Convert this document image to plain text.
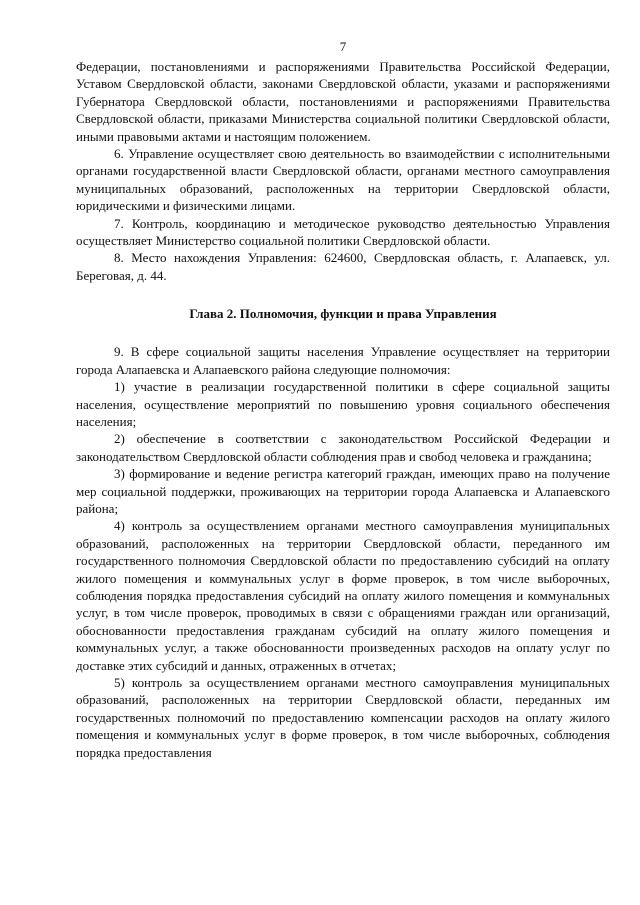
7

Федерации, постановлениями и распоряжениями Правительства Российской Федерации, Уставом Свердловской области, законами Свердловской области, указами и распоряжениями Губернатора Свердловской области, постановлениями и распоряжениями Правительства Свердловской области, приказами Министерства социальной политики Свердловской области, иными правовыми актами и настоящим положением.

6. Управление осуществляет свою деятельность во взаимодействии с исполнительными органами государственной власти Свердловской области, органами местного самоуправления муниципальных образований, расположенных на территории Свердловской области, юридическими и физическими лицами.

7. Контроль, координацию и методическое руководство деятельностью Управления осуществляет Министерство социальной политики Свердловской области.

8. Место нахождения Управления: 624600, Свердловская область, г. Алапаевск, ул. Береговая, д. 44.

Глава 2. Полномочия, функции и права Управления

9. В сфере социальной защиты населения Управление осуществляет на территории города Алапаевска и Алапаевского района следующие полномочия:

1) участие в реализации государственной политики в сфере социальной защиты населения, осуществление мероприятий по повышению уровня социального обеспечения населения;

2) обеспечение в соответствии с законодательством Российской Федерации и законодательством Свердловской области соблюдения прав и свобод человека и гражданина;

3) формирование и ведение регистра категорий граждан, имеющих право на получение мер социальной поддержки, проживающих на территории города Алапаевска и Алапаевского района;

4) контроль за осуществлением органами местного самоуправления муниципальных образований, расположенных на территории Свердловской области, переданного им государственного полномочия Свердловской области по предоставлению субсидий на оплату жилого помещения и коммунальных услуг в форме проверок, в том числе выборочных, соблюдения порядка предоставления субсидий на оплату жилого помещения и коммунальных услуг, в том числе проверок, проводимых в связи с обращениями граждан или организаций, обоснованности предоставления гражданам субсидий на оплату жилого помещения и коммунальных услуг, а также обоснованности произведенных расходов на оплату услуг по доставке этих субсидий и данных, отраженных в отчетах;

5) контроль за осуществлением органами местного самоуправления муниципальных образований, расположенных на территории Свердловской области, переданных им государственных полномочий по предоставлению компенсации расходов на оплату жилого помещения и коммунальных услуг в форме проверок, в том числе выборочных, соблюдения порядка предоставления
